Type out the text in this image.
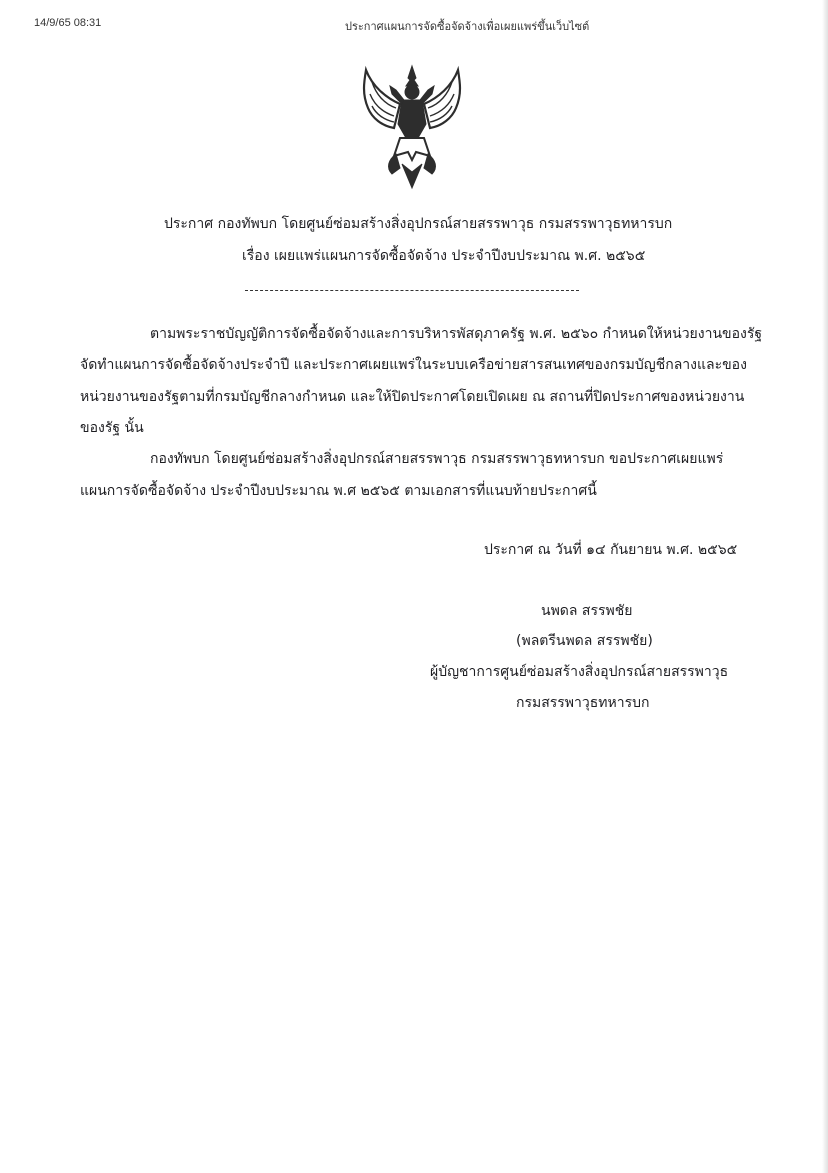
14/9/65 08:31	ประกาศแผนการจัดซื้อจัดจ้างเพื่อเผยแพร่ขึ้นเว็บไซต์
ประกาศ กองทัพบก โดยศูนย์ซ่อมสร้างสิ่งอุปกรณ์สายสรรพาวุธ กรมสรรพาวุธทหารบก
เรื่อง เผยแพร่แผนการจัดซื้อจัดจ้าง ประจำปีงบประมาณ พ.ศ. ๒๕๖๕
ตามพระราชบัญญัติการจัดซื้อจัดจ้างและการบริหารพัสดุภาครัฐ พ.ศ. ๒๕๖๐ กำหนดให้หน่วยงานของรัฐ
จัดทำแผนการจัดซื้อจัดจ้างประจำปี และประกาศเผยแพร่ในระบบเครือข่ายสารสนเทศของกรมบัญชีกลางและของ
หน่วยงานของรัฐตามที่กรมบัญชีกลางกำหนด และให้ปิดประกาศโดยเปิดเผย ณ สถานที่ปิดประกาศของหน่วยงาน
ของรัฐ นั้น
กองทัพบก โดยศูนย์ซ่อมสร้างสิ่งอุปกรณ์สายสรรพาวุธ กรมสรรพาวุธทหารบก ขอประกาศเผยแพร่
แผนการจัดซื้อจัดจ้าง ประจำปีงบประมาณ พ.ศ ๒๕๖๕ ตามเอกสารที่แนบท้ายประกาศนี้
ประกาศ ณ วันที่ ๑๔ กันยายน พ.ศ. ๒๕๖๕
นพดล สรรพชัย
(พลตรีนพดล สรรพชัย)
ผู้บัญชาการศูนย์ซ่อมสร้างสิ่งอุปกรณ์สายสรรพาวุธ
กรมสรรพาวุธทหารบก
